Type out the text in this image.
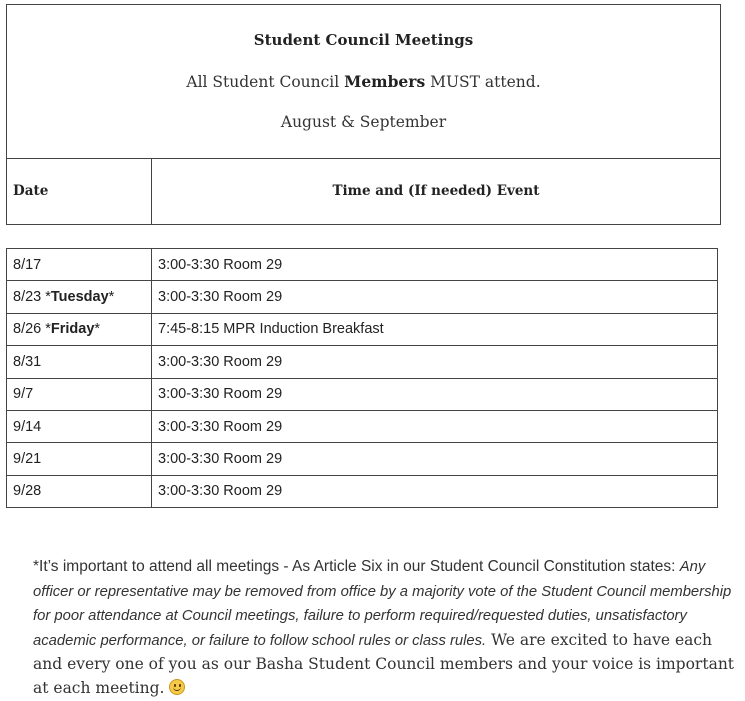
Student Council Meetings
All Student Council Members MUST attend.
August & September
Date	Time and (If needed) Event
8/17	3:00-3:30 Room 29
8/23 *Tuesday*	3:00-3:30 Room 29
8/26 *Friday*	7:45-8:15 MPR Induction Breakfast
8/31	3:00-3:30 Room 29
9/7	3:00-3:30 Room 29
9/14	3:00-3:30 Room 29
9/21	3:00-3:30 Room 29
9/28	3:00-3:30 Room 29
*It’s important to attend all meetings - As Article Six in our Student Council Constitution states: Any officer or representative may be removed from office by a majority vote of the Student Council membership for poor attendance at Council meetings, failure to perform required/requested duties, unsatisfactory academic performance, or failure to follow school rules or class rules. We are excited to have each and every one of you as our Basha Student Council members and your voice is important at each meeting.
